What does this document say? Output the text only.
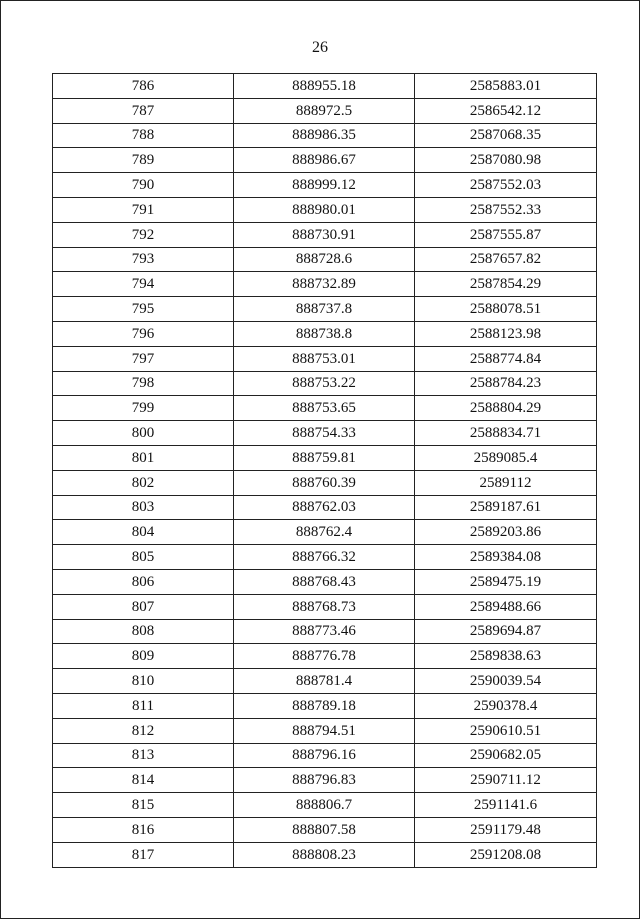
26
786	888955.18	2585883.01
787	888972.5	2586542.12
788	888986.35	2587068.35
789	888986.67	2587080.98
790	888999.12	2587552.03
791	888980.01	2587552.33
792	888730.91	2587555.87
793	888728.6	2587657.82
794	888732.89	2587854.29
795	888737.8	2588078.51
796	888738.8	2588123.98
797	888753.01	2588774.84
798	888753.22	2588784.23
799	888753.65	2588804.29
800	888754.33	2588834.71
801	888759.81	2589085.4
802	888760.39	2589112
803	888762.03	2589187.61
804	888762.4	2589203.86
805	888766.32	2589384.08
806	888768.43	2589475.19
807	888768.73	2589488.66
808	888773.46	2589694.87
809	888776.78	2589838.63
810	888781.4	2590039.54
811	888789.18	2590378.4
812	888794.51	2590610.51
813	888796.16	2590682.05
814	888796.83	2590711.12
815	888806.7	2591141.6
816	888807.58	2591179.48
817	888808.23	2591208.08
